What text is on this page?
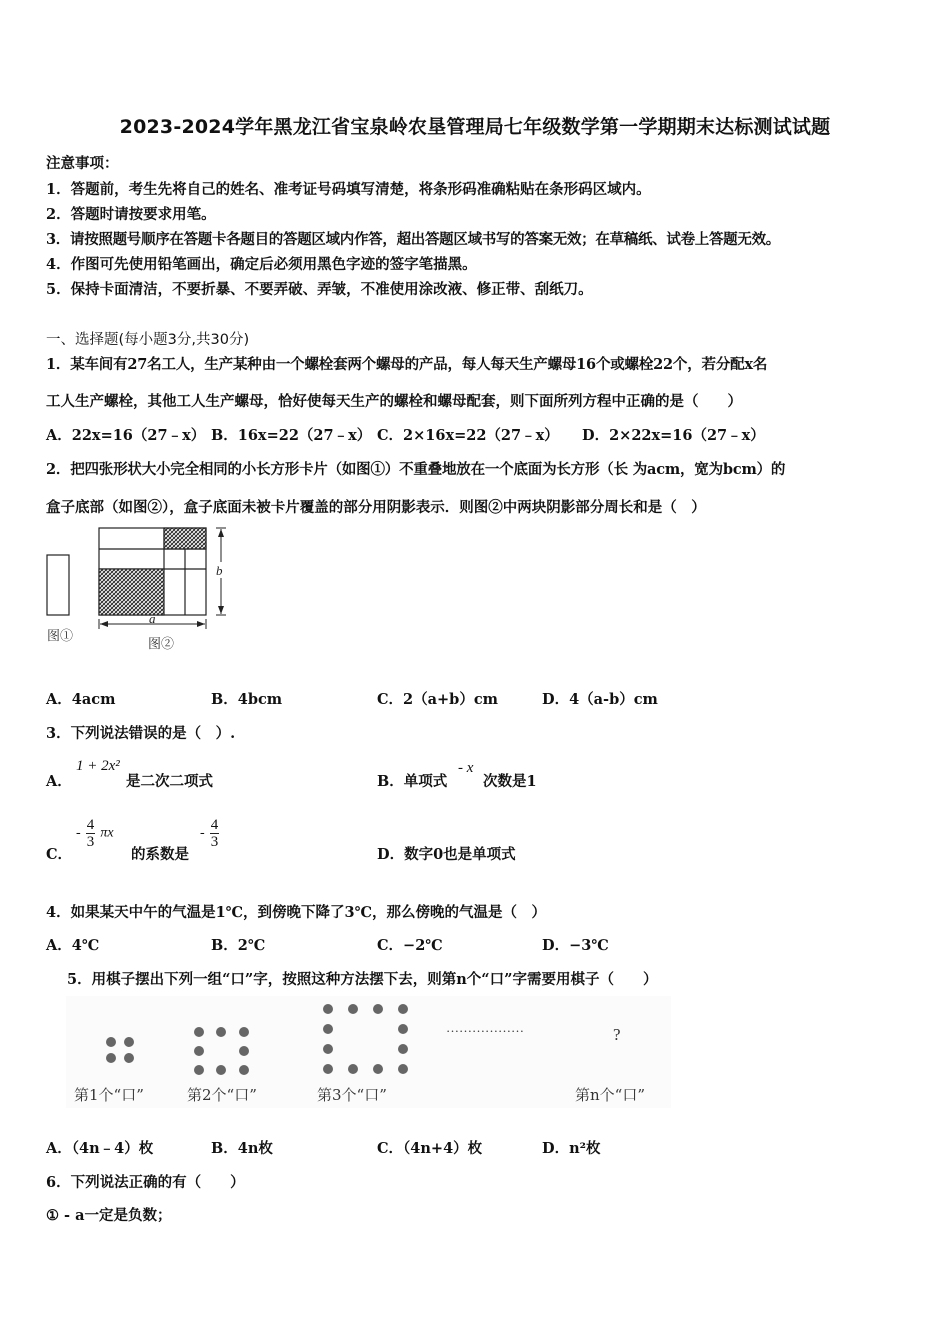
2023-2024学年黑龙江省宝泉岭农垦管理局七年级数学第一学期期末达标测试试题
注意事项：
1．答题前，考生先将自己的姓名、准考证号码填写清楚，将条形码准确粘贴在条形码区域内。
2．答题时请按要求用笔。
3．请按照题号顺序在答题卡各题目的答题区域内作答，超出答题区域书写的答案无效；在草稿纸、试卷上答题无效。
4．作图可先使用铅笔画出，确定后必须用黑色字迹的签字笔描黑。
5．保持卡面清洁，不要折暴、不要弄破、弄皱，不准使用涂改液、修正带、刮纸刀。
一、选择题(每小题3分,共30分)
1．某车间有27名工人，生产某种由一个螺栓套两个螺母的产品，每人每天生产螺母16个或螺栓22个，若分配x名
工人生产螺栓，其他工人生产螺母，恰好使每天生产的螺栓和螺母配套，则下面所列方程中正确的是（　　）
A．22x=16（27﹣x） B．16x=22（27﹣x） C．2×16x=22（27﹣x） D．2×22x=16（27﹣x）
2．把四张形状大小完全相同的小长方形卡片（如图①）不重叠地放在一个底面为长方形（长 为acm，宽为bcm）的
盒子底部（如图②），盒子底面未被卡片覆盖的部分用阴影表示．则图②中两块阴影部分周长和是（　）
b
a
图①
图②
A．4acm	B．4bcm	C．2（a+b）cm	D．4（a-b）cm
3．下列说法错误的是（　）.
A．
1 + 2x²
是二次二项式	B．单项式
- x
次数是1
C．
- $\frac{4}{3}$ πx
的系数是
- $\frac{4}{3}$
D．数字0也是单项式
4．如果某天中午的气温是1℃，到傍晚下降了3℃，那么傍晚的气温是（　）
A．4℃	B．2℃	C．−2℃	D．−3℃
5．用棋子摆出下列一组“口”字，按照这种方法摆下去，则第n个“口”字需要用棋子（　　）
………………	?
第1个“口”	第2个“口”	第3个“口”	第n个“口”
A．（4n﹣4）枚	B．4n枚	C．（4n+4）枚	D．n²枚
6．下列说法正确的有（　　）
① - a一定是负数；
